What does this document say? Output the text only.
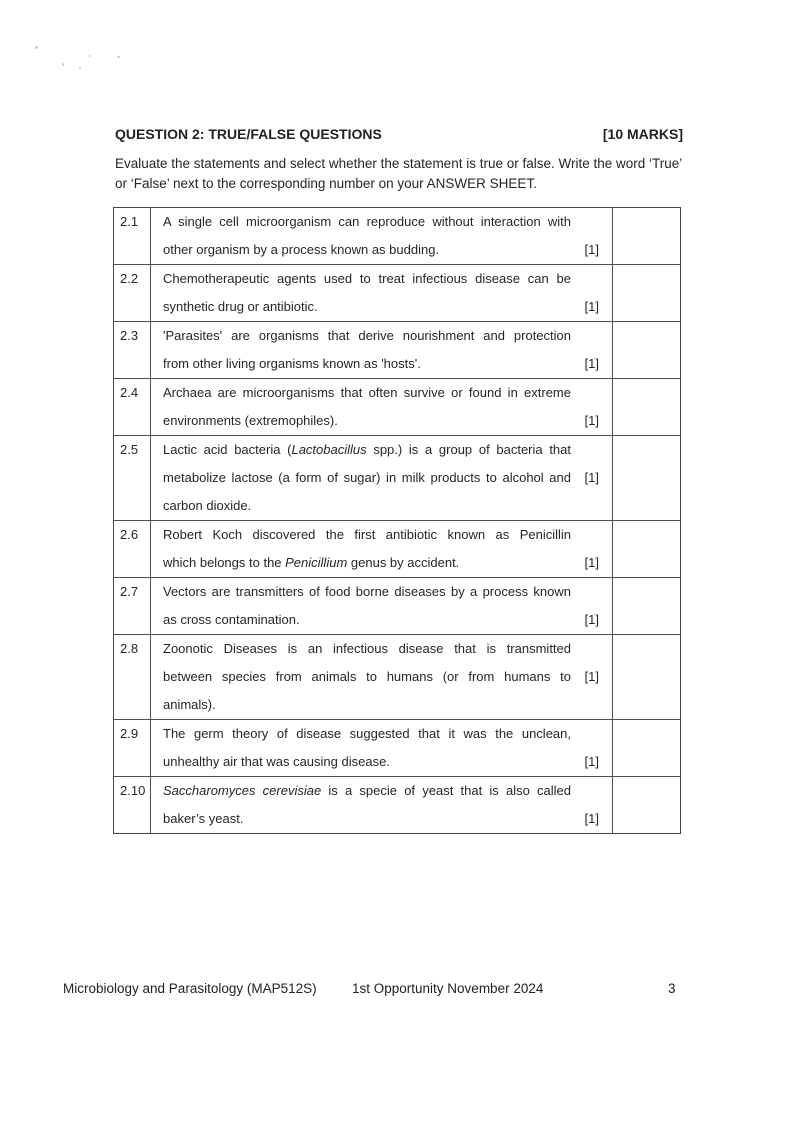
QUESTION 2: TRUE/FALSE QUESTIONS	[10 MARKS]
Evaluate the statements and select whether the statement is true or false. Write the word ‘True’
or ‘False’ next to the corresponding number on your ANSWER SHEET.
2.1	A single cell microorganism can reproduce without interaction with
other organism by a process known as budding.	[1]
2.2	Chemotherapeutic agents used to treat infectious disease can be
synthetic drug or antibiotic.	[1]
2.3	'Parasites' are organisms that derive nourishment and protection
from other living organisms known as 'hosts'.	[1]
2.4	Archaea are microorganisms that often survive or found in extreme
environments (extremophiles).	[1]
2.5	Lactic acid bacteria (Lactobacillus spp.) is a group of bacteria that
metabolize lactose (a form of sugar) in milk products to alcohol and
carbon dioxide.
[1]
2.6	Robert Koch discovered the first antibiotic known as Penicillin
which belongs to the Penicillium genus by accident.	[1]
2.7	Vectors are transmitters of food borne diseases by a process known
as cross contamination.	[1]
2.8	Zoonotic Diseases is an infectious disease that is transmitted
between species from animals to humans (or from humans to
animals).
[1]
2.9	The germ theory of disease suggested that it was the unclean,
unhealthy air that was causing disease.	[1]
2.10	Saccharomyces cerevisiae is a specie of yeast that is also called
baker’s yeast.	[1]
Microbiology and Parasitology (MAP512S)	1st Opportunity November 2024	3
